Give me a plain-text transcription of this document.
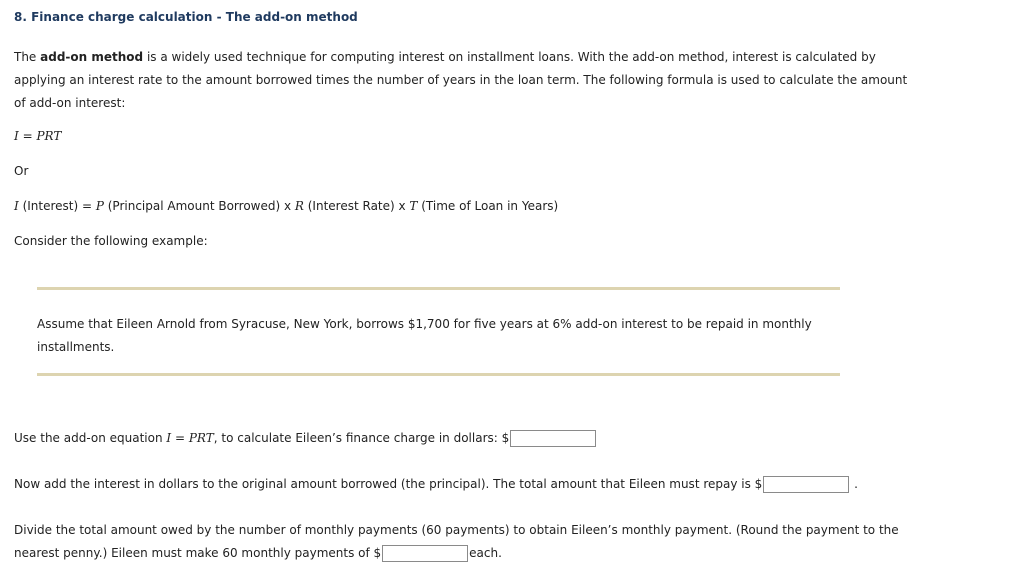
8. Finance charge calculation - The add-on method
The add-on method is a widely used technique for computing interest on installment loans. With the add-on method, interest is calculated by applying an interest rate to the amount borrowed times the number of years in the loan term. The following formula is used to calculate the amount of add-on interest:
I = PRT
Or
I (Interest) = P (Principal Amount Borrowed) x R (Interest Rate) x T (Time of Loan in Years)
Consider the following example:
Assume that Eileen Arnold from Syracuse, New York, borrows $1,700 for five years at 6% add-on interest to be repaid in monthly installments.
Use the add-on equation I = PRT, to calculate Eileen’s finance charge in dollars: $
Now add the interest in dollars to the original amount borrowed (the principal). The total amount that Eileen must repay is $	.
Divide the total amount owed by the number of monthly payments (60 payments) to obtain Eileen’s monthly payment. (Round the payment to the nearest penny.) Eileen must make 60 monthly payments of $	each.
